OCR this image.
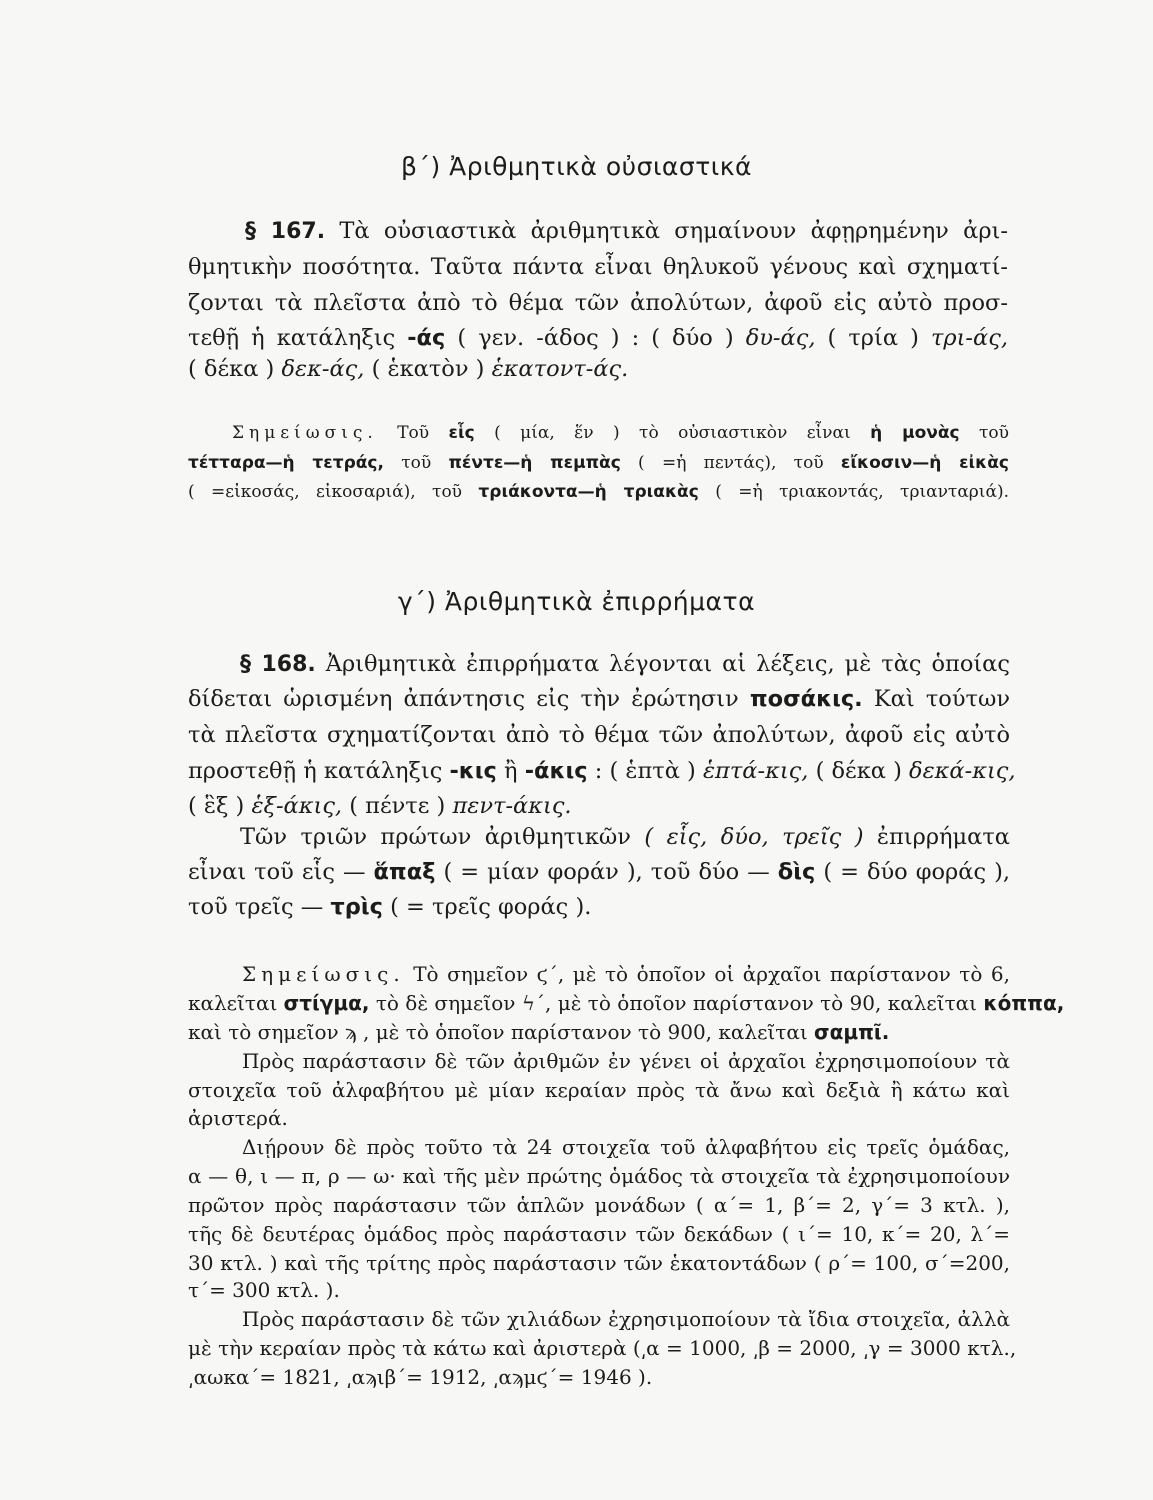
β΄) Ἀριθμητικὰ οὐσιαστικά
§ 167. Τὰ οὐσιαστικὰ ἀριθμητικὰ σημαίνουν ἀφῃρημένην ἀρι-
θμητικὴν ποσότητα. Ταῦτα πάντα εἶναι θηλυκοῦ γένους καὶ σχηματί-
ζονται τὰ πλεῖστα ἀπὸ τὸ θέμα τῶν ἀπολύτων, ἀφοῦ εἰς αὐτὸ προσ-
τεθῇ ἡ κατάληξις -άς ( γεν. -άδος ) : ( δύο ) δυ-άς, ( τρία ) τρι-άς,
( δέκα ) δεκ-άς, ( ἑκατὸν ) ἑκατοντ-άς.
Σημείωσις. Τοῦ εἷς ( μία, ἕν ) τὸ οὐσιαστικὸν εἶναι ἡ μονὰς τοῦ
τέτταρα—ἡ τετράς, τοῦ πέντε—ἡ πεμπὰς ( =ἡ πεντάς), τοῦ εἴκοσιν—ἡ εἰκὰς
( =εἰκοσάς, εἰκοσαριά), τοῦ τριάκοντα—ἡ τριακὰς ( =ἡ τριακοντάς, τριανταριά).
γ΄) Ἀριθμητικὰ ἐπιρρήματα
§ 168. Ἀριθμητικὰ ἐπιρρήματα λέγονται αἱ λέξεις, μὲ τὰς ὁποίας
δίδεται ὡρισμένη ἀπάντησις εἰς τὴν ἐρώτησιν ποσάκις. Καὶ τούτων
τὰ πλεῖστα σχηματίζονται ἀπὸ τὸ θέμα τῶν ἀπολύτων, ἀφοῦ εἰς αὐτὸ
προστεθῇ ἡ κατάληξις -κις ἢ -άκις : ( ἑπτὰ ) ἑπτά-κις, ( δέκα ) δεκά-κις,
( ἓξ ) ἑξ-άκις, ( πέντε ) πεντ-άκις.
Τῶν τριῶν πρώτων ἀριθμητικῶν ( εἷς, δύο, τρεῖς ) ἐπιρρήματα
εἶναι τοῦ εἷς — ἅπαξ ( = μίαν φοράν ), τοῦ δύο — δὶς ( = δύο φοράς ),
τοῦ τρεῖς — τρὶς ( = τρεῖς φοράς ).
Σημείωσις. Τὸ σημεῖον ϛ΄, μὲ τὸ ὁποῖον οἱ ἀρχαῖοι παρίστανον τὸ 6,
καλεῖται στίγμα, τὸ δὲ σημεῖον ϟ΄, μὲ τὸ ὁποῖον παρίστανον τὸ 90, καλεῖται κόππα,
καὶ τὸ σημεῖον ϡ , μὲ τὸ ὁποῖον παρίστανον τὸ 900, καλεῖται σαμπῖ.
Πρὸς παράστασιν δὲ τῶν ἀριθμῶν ἐν γένει οἱ ἀρχαῖοι ἐχρησιμοποίουν τὰ
στοιχεῖα τοῦ ἀλφαβήτου μὲ μίαν κεραίαν πρὸς τὰ ἄνω καὶ δεξιὰ ἢ κάτω καὶ
ἀριστερά.
Διῄρουν δὲ πρὸς τοῦτο τὰ 24 στοιχεῖα τοῦ ἀλφαβήτου εἰς τρεῖς ὁμάδας,
α — θ, ι — π, ρ — ω· καὶ τῆς μὲν πρώτης ὁμάδος τὰ στοιχεῖα τὰ ἐχρησιμοποίουν
πρῶτον πρὸς παράστασιν τῶν ἁπλῶν μονάδων ( α΄= 1, β΄= 2, γ΄= 3 κτλ. ),
τῆς δὲ δευτέρας ὁμάδος πρὸς παράστασιν τῶν δεκάδων ( ι΄= 10, κ΄= 20, λ΄=
30 κτλ. ) καὶ τῆς τρίτης πρὸς παράστασιν τῶν ἑκατοντάδων ( ρ΄= 100, σ΄=200,
τ΄= 300 κτλ. ).
Πρὸς παράστασιν δὲ τῶν χιλιάδων ἐχρησιμοποίουν τὰ ἴδια στοιχεῖα, ἀλλὰ
μὲ τὴν κεραίαν πρὸς τὰ κάτω καὶ ἀριστερὰ (͵α = 1000, ͵β = 2000, ͵γ = 3000 κτλ.,
͵αωκα΄= 1821, ͵αϡιβ΄= 1912, ͵αϡμϛ΄= 1946 ).
